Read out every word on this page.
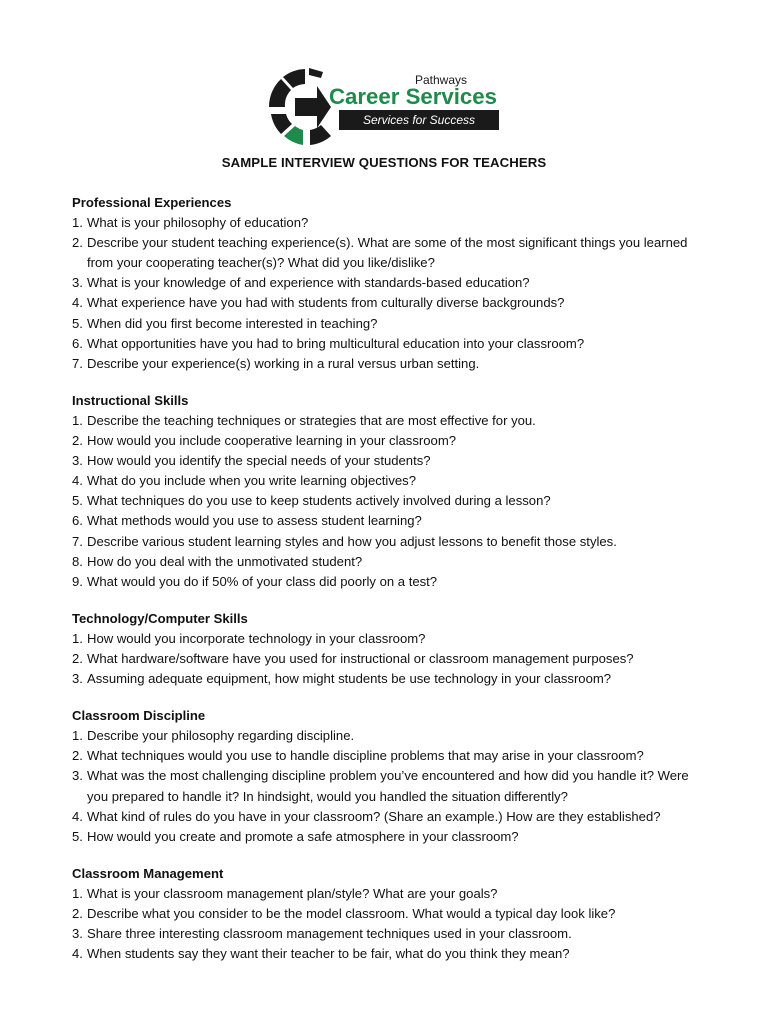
Pathways
Career Services
Services for Success
SAMPLE INTERVIEW QUESTIONS FOR TEACHERS
Professional Experiences
1. What is your philosophy of education?
2. Describe your student teaching experience(s). What are some of the most significant things you learned from your cooperating teacher(s)? What did you like/dislike?
3. What is your knowledge of and experience with standards-based education?
4. What experience have you had with students from culturally diverse backgrounds?
5. When did you first become interested in teaching?
6. What opportunities have you had to bring multicultural education into your classroom?
7. Describe your experience(s) working in a rural versus urban setting.
Instructional Skills
1. Describe the teaching techniques or strategies that are most effective for you.
2. How would you include cooperative learning in your classroom?
3. How would you identify the special needs of your students?
4. What do you include when you write learning objectives?
5. What techniques do you use to keep students actively involved during a lesson?
6. What methods would you use to assess student learning?
7. Describe various student learning styles and how you adjust lessons to benefit those styles.
8. How do you deal with the unmotivated student?
9. What would you do if 50% of your class did poorly on a test?
Technology/Computer Skills
1. How would you incorporate technology in your classroom?
2. What hardware/software have you used for instructional or classroom management purposes?
3. Assuming adequate equipment, how might students be use technology in your classroom?
Classroom Discipline
1. Describe your philosophy regarding discipline.
2. What techniques would you use to handle discipline problems that may arise in your classroom?
3. What was the most challenging discipline problem you’ve encountered and how did you handle it? Were you prepared to handle it? In hindsight, would you handled the situation differently?
4. What kind of rules do you have in your classroom? (Share an example.) How are they established?
5. How would you create and promote a safe atmosphere in your classroom?
Classroom Management
1. What is your classroom management plan/style? What are your goals?
2. Describe what you consider to be the model classroom. What would a typical day look like?
3. Share three interesting classroom management techniques used in your classroom.
4. When students say they want their teacher to be fair, what do you think they mean?
